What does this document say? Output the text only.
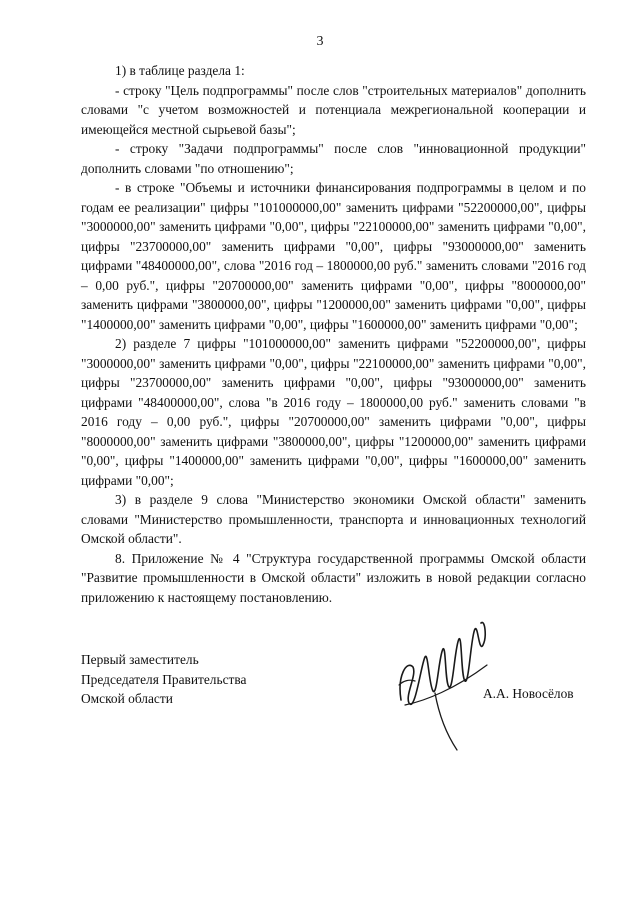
3

1) в таблице раздела 1:

- строку "Цель подпрограммы" после слов "строительных материалов" дополнить словами "с учетом возможностей и потенциала межрегиональной кооперации и имеющейся местной сырьевой базы";

- строку "Задачи подпрограммы" после слов "инновационной продукции" дополнить словами "по отношению";

- в строке "Объемы и источники финансирования подпрограммы в целом и по годам ее реализации" цифры "101000000,00" заменить цифрами "52200000,00", цифры "3000000,00" заменить цифрами "0,00", цифры "22100000,00" заменить цифрами "0,00", цифры "23700000,00" заменить цифрами "0,00", цифры "93000000,00" заменить цифрами "48400000,00", слова "2016 год – 1800000,00 руб." заменить словами "2016 год – 0,00 руб.", цифры "20700000,00" заменить цифрами "0,00", цифры "8000000,00" заменить цифрами "3800000,00", цифры "1200000,00" заменить цифрами "0,00", цифры "1400000,00" заменить цифрами "0,00", цифры "1600000,00" заменить цифрами "0,00";

2) разделе 7 цифры "101000000,00" заменить цифрами "52200000,00", цифры "3000000,00" заменить цифрами "0,00", цифры "22100000,00" заменить цифрами "0,00", цифры "23700000,00" заменить цифрами "0,00", цифры "93000000,00" заменить цифрами "48400000,00", слова "в 2016 году – 1800000,00 руб." заменить словами "в 2016 году – 0,00 руб.", цифры "20700000,00" заменить цифрами "0,00", цифры "8000000,00" заменить цифрами "3800000,00", цифры "1200000,00" заменить цифрами "0,00", цифры "1400000,00" заменить цифрами "0,00", цифры "1600000,00" заменить цифрами "0,00";

3) в разделе 9 слова "Министерство экономики Омской области" заменить словами "Министерство промышленности, транспорта и инновационных технологий Омской области".

8. Приложение № 4 "Структура государственной программы Омской области "Развитие промышленности в Омской области" изложить в новой редакции согласно приложению к настоящему постановлению.

Первый заместитель
Председателя Правительства
Омской области	А.А. Новосёлов
